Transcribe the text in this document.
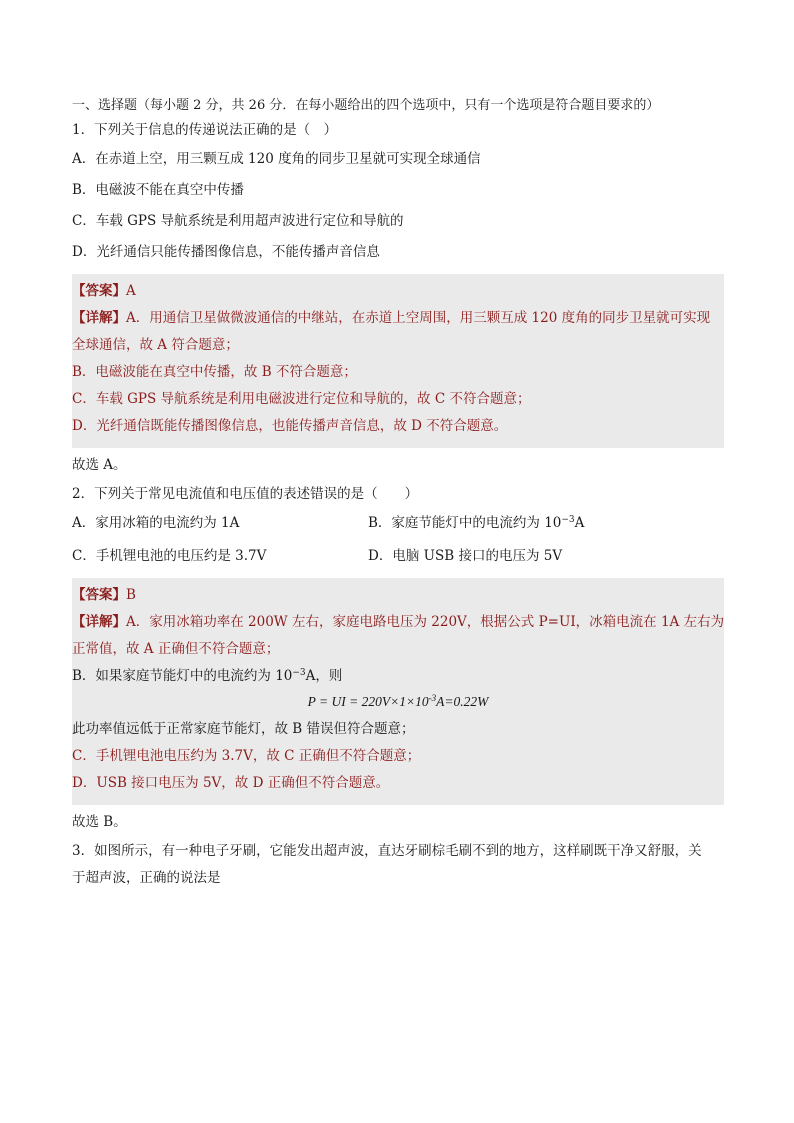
一、选择题（每小题 2 分，共 26 分．在每小题给出的四个选项中，只有一个选项是符合题目要求的）
1．下列关于信息的传递说法正确的是（　）
A．在赤道上空，用三颗互成 120 度角的同步卫星就可实现全球通信
B．电磁波不能在真空中传播
C．车载 GPS 导航系统是利用超声波进行定位和导航的
D．光纤通信只能传播图像信息，不能传播声音信息
【答案】A
【详解】A．用通信卫星做微波通信的中继站，在赤道上空周围，用三颗互成 120 度角的同步卫星就可实现
全球通信，故 A 符合题意；
B．电磁波能在真空中传播，故 B 不符合题意；
C．车载 GPS 导航系统是利用电磁波进行定位和导航的，故 C 不符合题意；
D．光纤通信既能传播图像信息，也能传播声音信息，故 D 不符合题意。
故选 A。
2．下列关于常见电流值和电压值的表述错误的是（　　）
A．家用冰箱的电流约为 1A	B．家庭节能灯中的电流约为 $10^{-3}A$
C．手机锂电池的电压约是 3.7V	D．电脑 USB 接口的电压为 5V
【答案】B
【详解】A．家用冰箱功率在 200W 左右，家庭电路电压为 220V，根据公式 P=UI，冰箱电流在 1A 左右为
正常值，故 A 正确但不符合题意；
B．如果家庭节能灯中的电流约为 $10^{-3}A$，则
P = UI = $220V\times 1\times 10^{-3}A=0.22W$
此功率值远低于正常家庭节能灯，故 B 错误但符合题意；
C．手机锂电池电压约为 3.7V，故 C 正确但不符合题意；
D．USB 接口电压为 5V，故 D 正确但不符合题意。
故选 B。
3．如图所示，有一种电子牙刷，它能发出超声波，直达牙刷棕毛刷不到的地方，这样刷既干净又舒服，关
于超声波，正确的说法是
